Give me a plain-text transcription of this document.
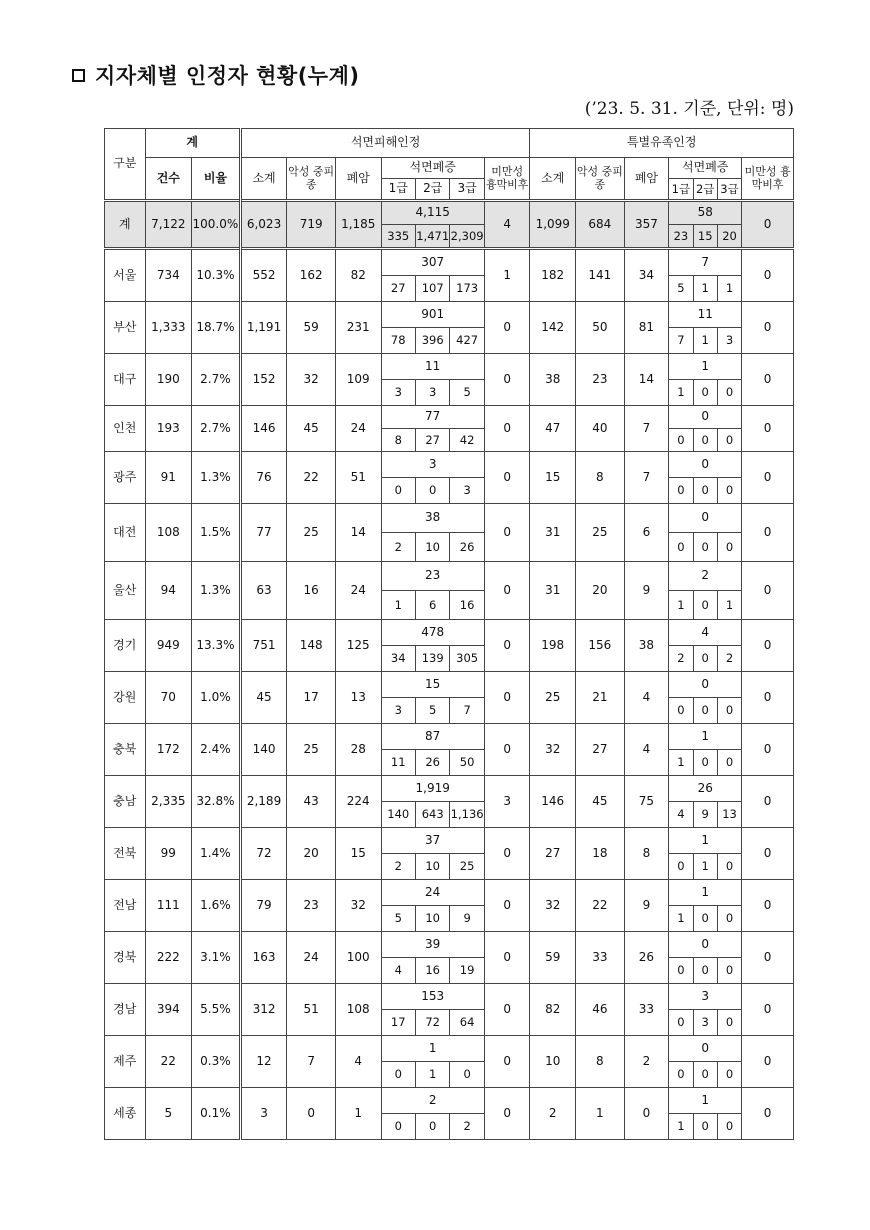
지자체별 인정자 현황(누계)
(’23. 5. 31. 기준, 단위: 명)
구분	계		석면피해인정							특별유족인정						
	건수	비율	소계	악성 중피종	폐암	석면폐증			미만성 흉막비후	소계	악성 중피종	폐암	석면폐증			미만성 흉막비후
						1급	2급	3급					1급	2급	3급	
계	7,122	100.0%	6,023	719	1,185	4,115			4	1,099	684	357	58			0
						335	1,471	2,309					23	15	20	
서울	734	10.3%	552	162	82	307			1	182	141	34	7			0
						27	107	173					5	1	1	
부산	1,333	18.7%	1,191	59	231	901			0	142	50	81	11			0
						78	396	427					7	1	3	
대구	190	2.7%	152	32	109	11			0	38	23	14	1			0
						3	3	5					1	0	0	
인천	193	2.7%	146	45	24	77			0	47	40	7	0			0
						8	27	42					0	0	0	
광주	91	1.3%	76	22	51	3			0	15	8	7	0			0
						0	0	3					0	0	0	
대전	108	1.5%	77	25	14	38			0	31	25	6	0			0
						2	10	26					0	0	0	
울산	94	1.3%	63	16	24	23			0	31	20	9	2			0
						1	6	16					1	0	1	
경기	949	13.3%	751	148	125	478			0	198	156	38	4			0
						34	139	305					2	0	2	
강원	70	1.0%	45	17	13	15			0	25	21	4	0			0
						3	5	7					0	0	0	
충북	172	2.4%	140	25	28	87			0	32	27	4	1			0
						11	26	50					1	0	0	
충남	2,335	32.8%	2,189	43	224	1,919			3	146	45	75	26			0
						140	643	1,136					4	9	13	
전북	99	1.4%	72	20	15	37			0	27	18	8	1			0
						2	10	25					0	1	0	
전남	111	1.6%	79	23	32	24			0	32	22	9	1			0
						5	10	9					1	0	0	
경북	222	3.1%	163	24	100	39			0	59	33	26	0			0
						4	16	19					0	0	0	
경남	394	5.5%	312	51	108	153			0	82	46	33	3			0
						17	72	64					0	3	0	
제주	22	0.3%	12	7	4	1			0	10	8	2	0			0
						0	1	0					0	0	0	
세종	5	0.1%	3	0	1	2			0	2	1	0	1			0
						0	0	2					1	0	0	
